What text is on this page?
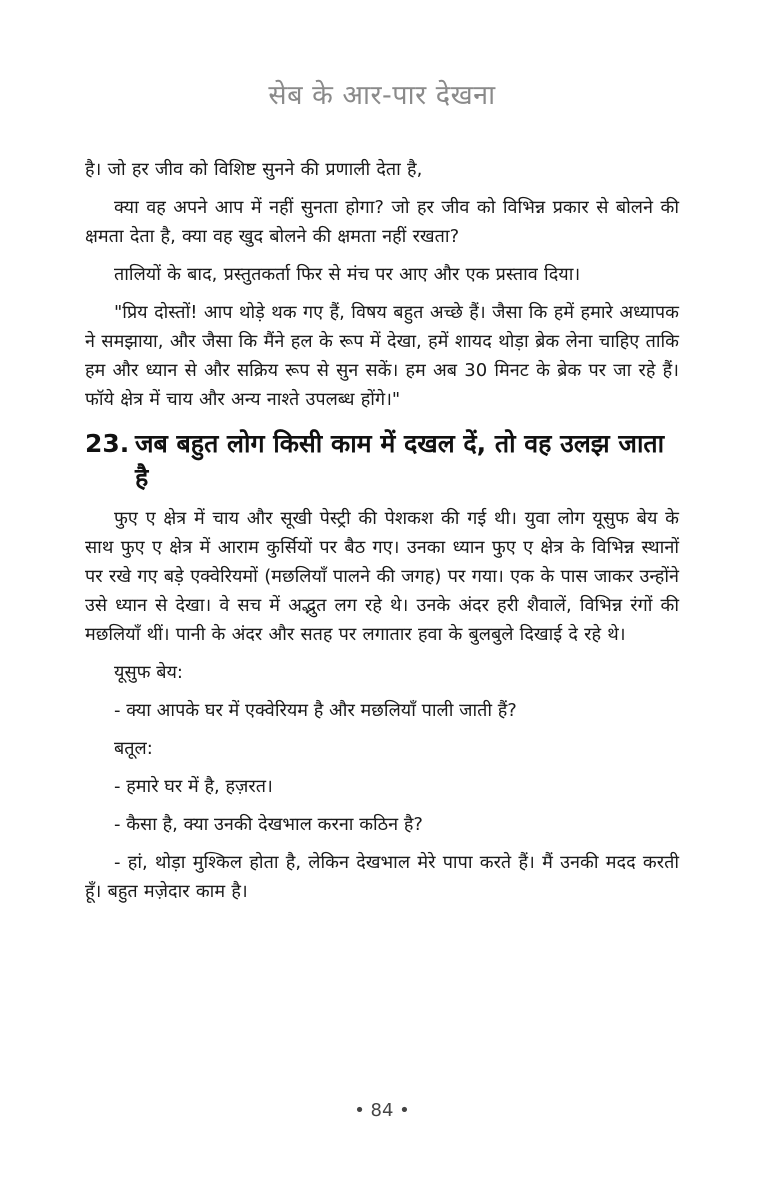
सेब के आर-पार देखना

है। जो हर जीव को विशिष्ट सुनने की प्रणाली देता है,

क्या वह अपने आप में नहीं सुनता होगा? जो हर जीव को विभिन्न प्रकार से बोलने की क्षमता देता है, क्या वह खुद बोलने की क्षमता नहीं रखता?

तालियों के बाद, प्रस्तुतकर्ता फिर से मंच पर आए और एक प्रस्ताव दिया।

"प्रिय दोस्तों! आप थोड़े थक गए हैं, विषय बहुत अच्छे हैं। जैसा कि हमें हमारे अध्यापक ने समझाया, और जैसा कि मैंने हल के रूप में देखा, हमें शायद थोड़ा ब्रेक लेना चाहिए ताकि हम और ध्यान से और सक्रिय रूप से सुन सकें। हम अब 30 मिनट के ब्रेक पर जा रहे हैं। फॉये क्षेत्र में चाय और अन्य नाश्ते उपलब्ध होंगे।"

23. जब बहुत लोग किसी काम में दखल दें, तो वह उलझ जाता है

फुए ए क्षेत्र में चाय और सूखी पेस्ट्री की पेशकश की गई थी। युवा लोग यूसुफ बेय के साथ फुए ए क्षेत्र में आराम कुर्सियों पर बैठ गए। उनका ध्यान फुए ए क्षेत्र के विभिन्न स्थानों पर रखे गए बड़े एक्वेरियमों (मछलियाँ पालने की जगह) पर गया। एक के पास जाकर उन्होंने उसे ध्यान से देखा। वे सच में अद्भुत लग रहे थे। उनके अंदर हरी शैवालें, विभिन्न रंगों की मछलियाँ थीं। पानी के अंदर और सतह पर लगातार हवा के बुलबुले दिखाई दे रहे थे।

यूसुफ बेय:

- क्या आपके घर में एक्वेरियम है और मछलियाँ पाली जाती हैं?

बतूल:

- हमारे घर में है, हज़रत।

- कैसा है, क्या उनकी देखभाल करना कठिन है?

- हां, थोड़ा मुश्किल होता है, लेकिन देखभाल मेरे पापा करते हैं। मैं उनकी मदद करती हूँ। बहुत मज़ेदार काम है।

• 84 •
